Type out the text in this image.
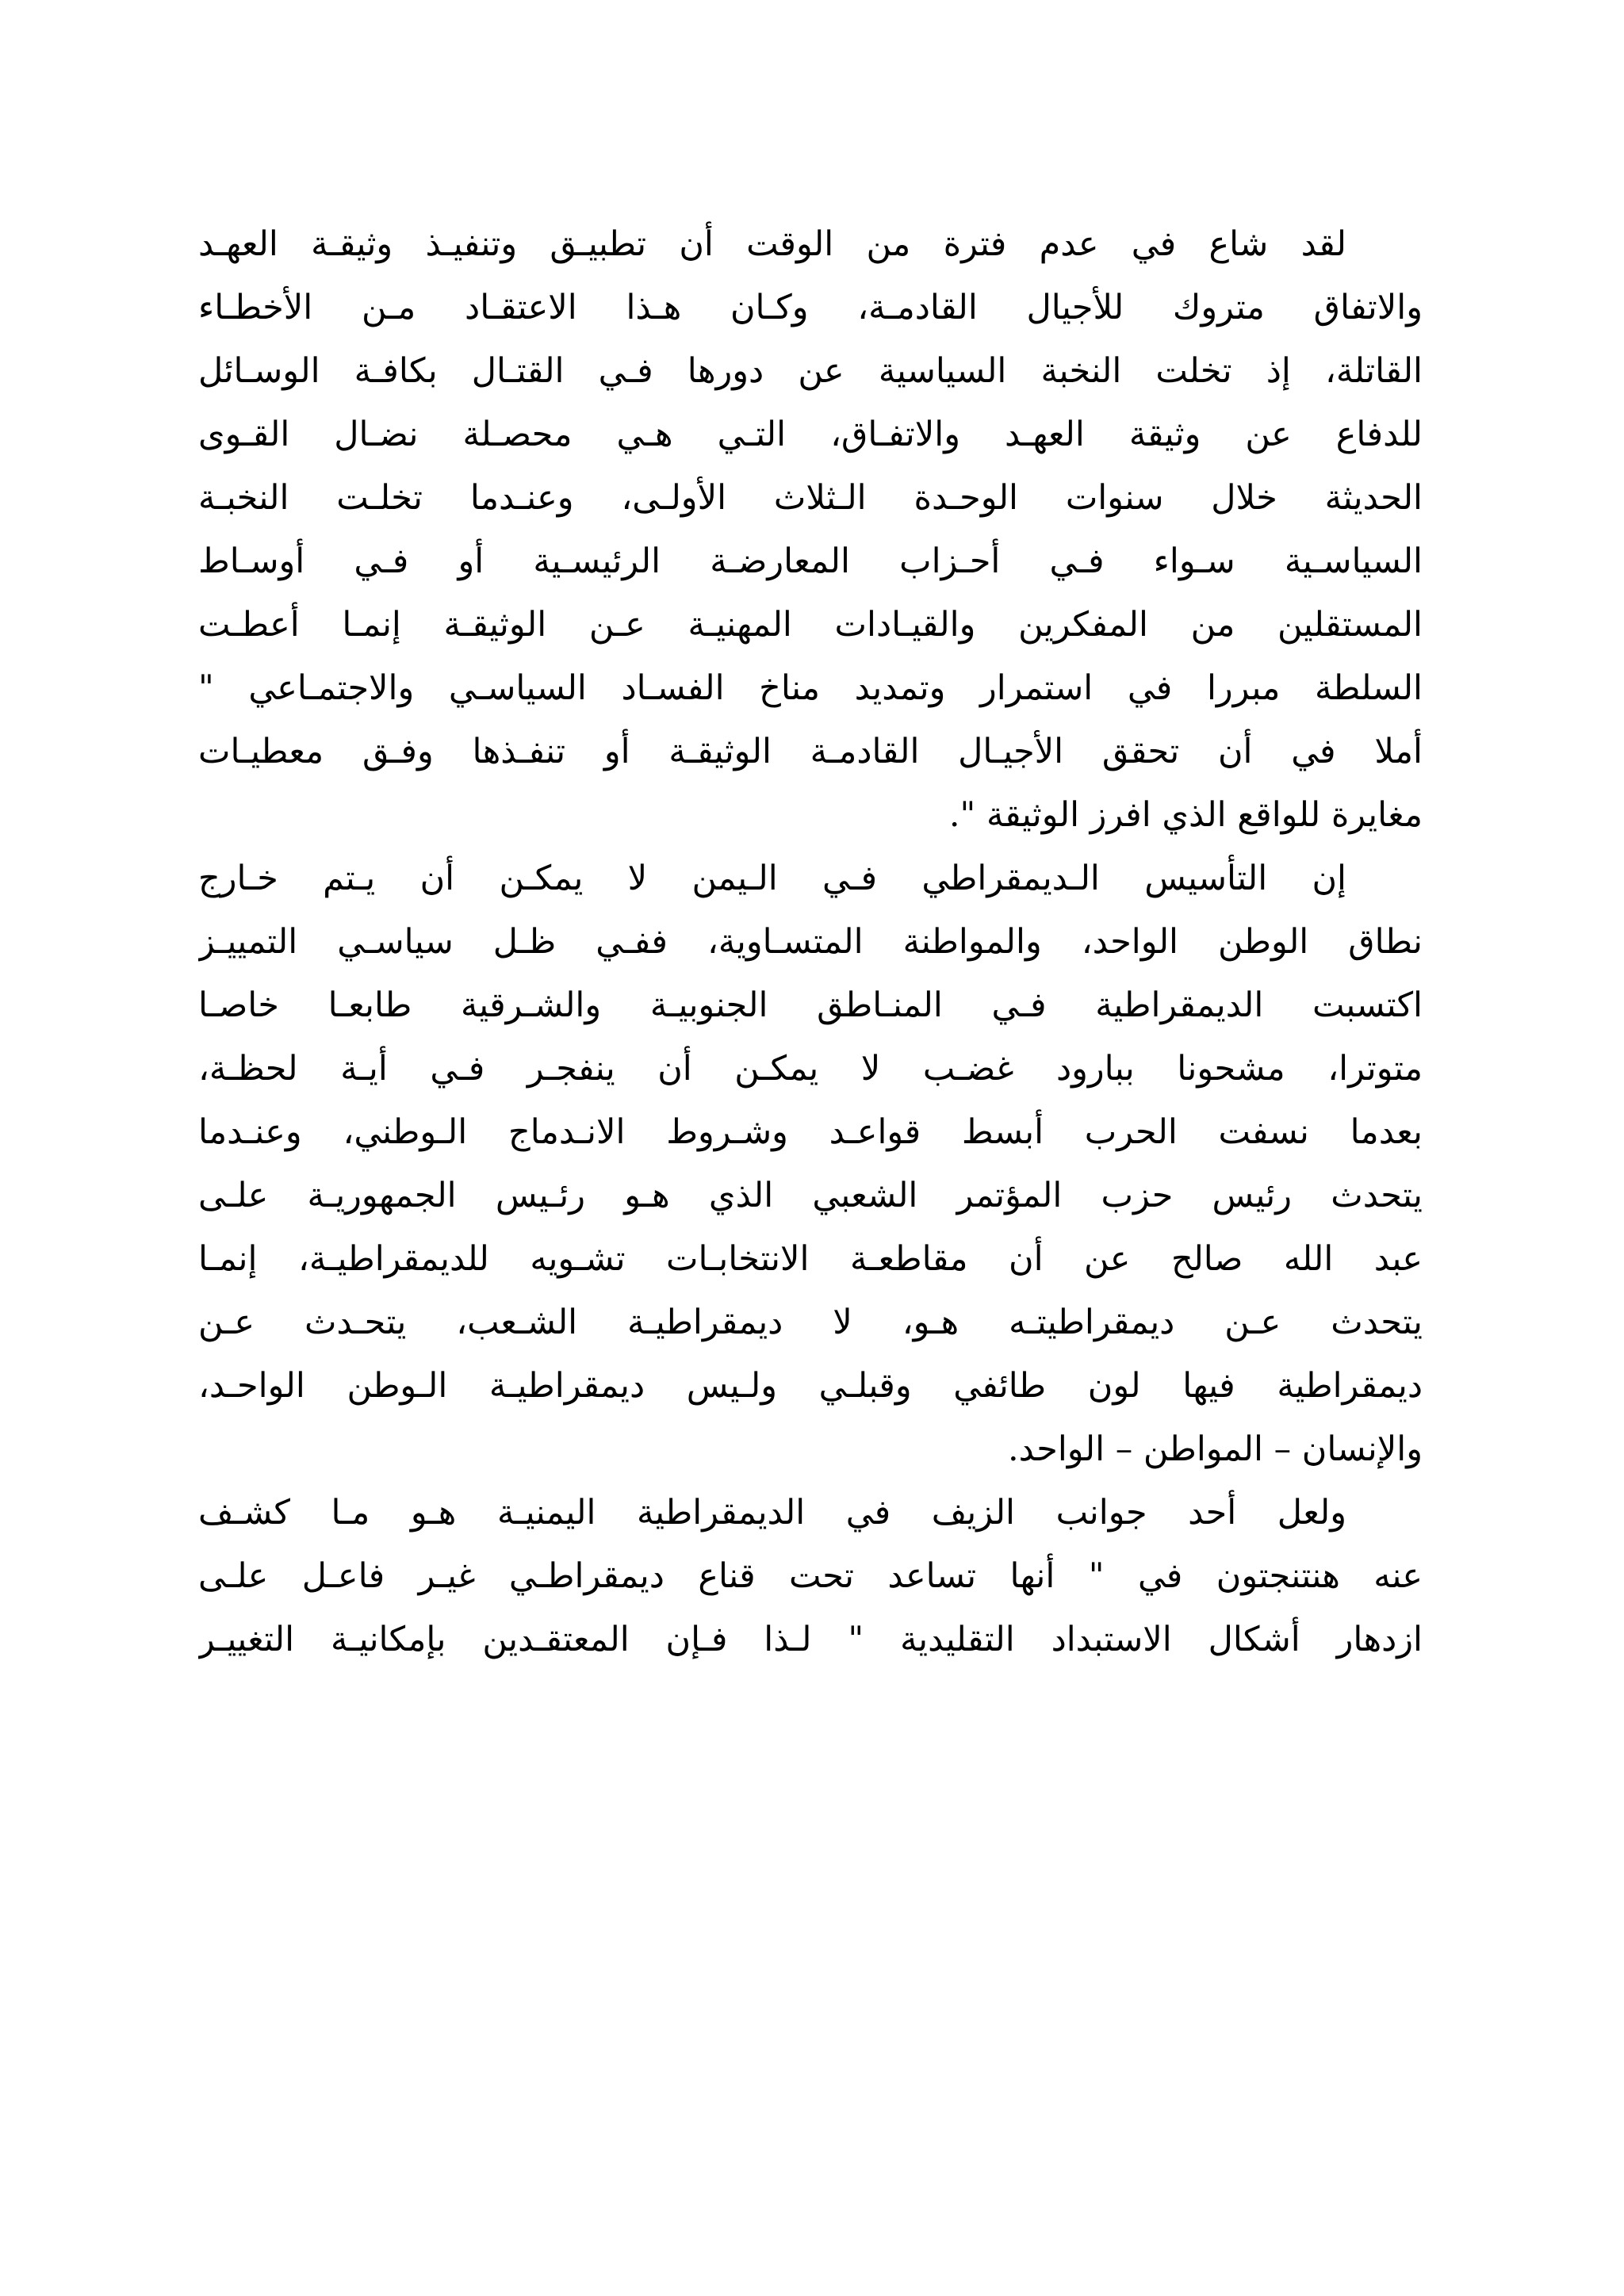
لقد شاع في عدم فترة من الوقت أن تطبيـق وتنفيـذ وثيقـة العهـد
والاتفاق متروك للأجيال القادمـة، وكـان هـذا الاعتقـاد مـن الأخطـاء
القاتلة، إذ تخلت النخبة السياسية عن دورها فـي القتـال بكافـة الوسـائل
للدفاع عن وثيقة العهـد والاتفـاق، التـي هـي محصـلة نضـال القـوى
الحديثة خلال سنوات الوحـدة الـثلاث الأولـى، وعنـدما تخلـت النخبـة
السياسـية سـواء فـي أحـزاب المعارضـة الرئيسـية أو فـي أوسـاط
المستقلين من المفكرين والقيـادات المهنيـة عـن الوثيقـة إنمـا أعطـت
السلطة مبررا في استمرار وتمديد مناخ الفسـاد السياسـي والاجتمـاعي "
أملا في أن تحقق الأجيـال القادمـة الوثيقـة أو تنفـذها وفـق معطيـات
مغايرة للواقع الذي افرز الوثيقة ".
إن التأسيس الـديمقراطي فـي الـيمن لا يمكـن أن يـتم خـارج
نطاق الوطن الواحد، والمواطنة المتسـاوية، ففـي ظـل سياسـي التمييـز
اكتسبت الديمقراطية فـي المنـاطق الجنوبيـة والشـرقية طابعـا خاصـا
متوترا، مشحونا ببارود غضـب لا يمكـن أن ينفجـر فـي أيـة لحظـة،
بعدما نسفت الحرب أبسط قواعـد وشـروط الانـدماج الـوطني، وعنـدما
يتحدث رئيس حزب المؤتمر الشعبي الذي هـو رئـيس الجمهوريـة علـى
عبد الله صالح عن أن مقاطعـة الانتخابـات تشـويه للديمقراطيـة، إنمـا
يتحدث عـن ديمقراطيتـه هـو، لا ديمقراطيـة الشـعب، يتحـدث عـن
ديمقراطية فيها لون طائفي وقبلـي ولـيس ديمقراطيـة الـوطن الواحـد،
والإنسان – المواطن – الواحد.
ولعل أحد جوانب الزيف في الديمقراطية اليمنيـة هـو مـا كشـف
عنه هنتنجتون في " أنها تساعد تحت قناع ديمقراطـي غيـر فاعـل علـى
ازدهار أشكال الاستبداد التقليدية " لـذا فـإن المعتقـدين بإمكانيـة التغييـر
